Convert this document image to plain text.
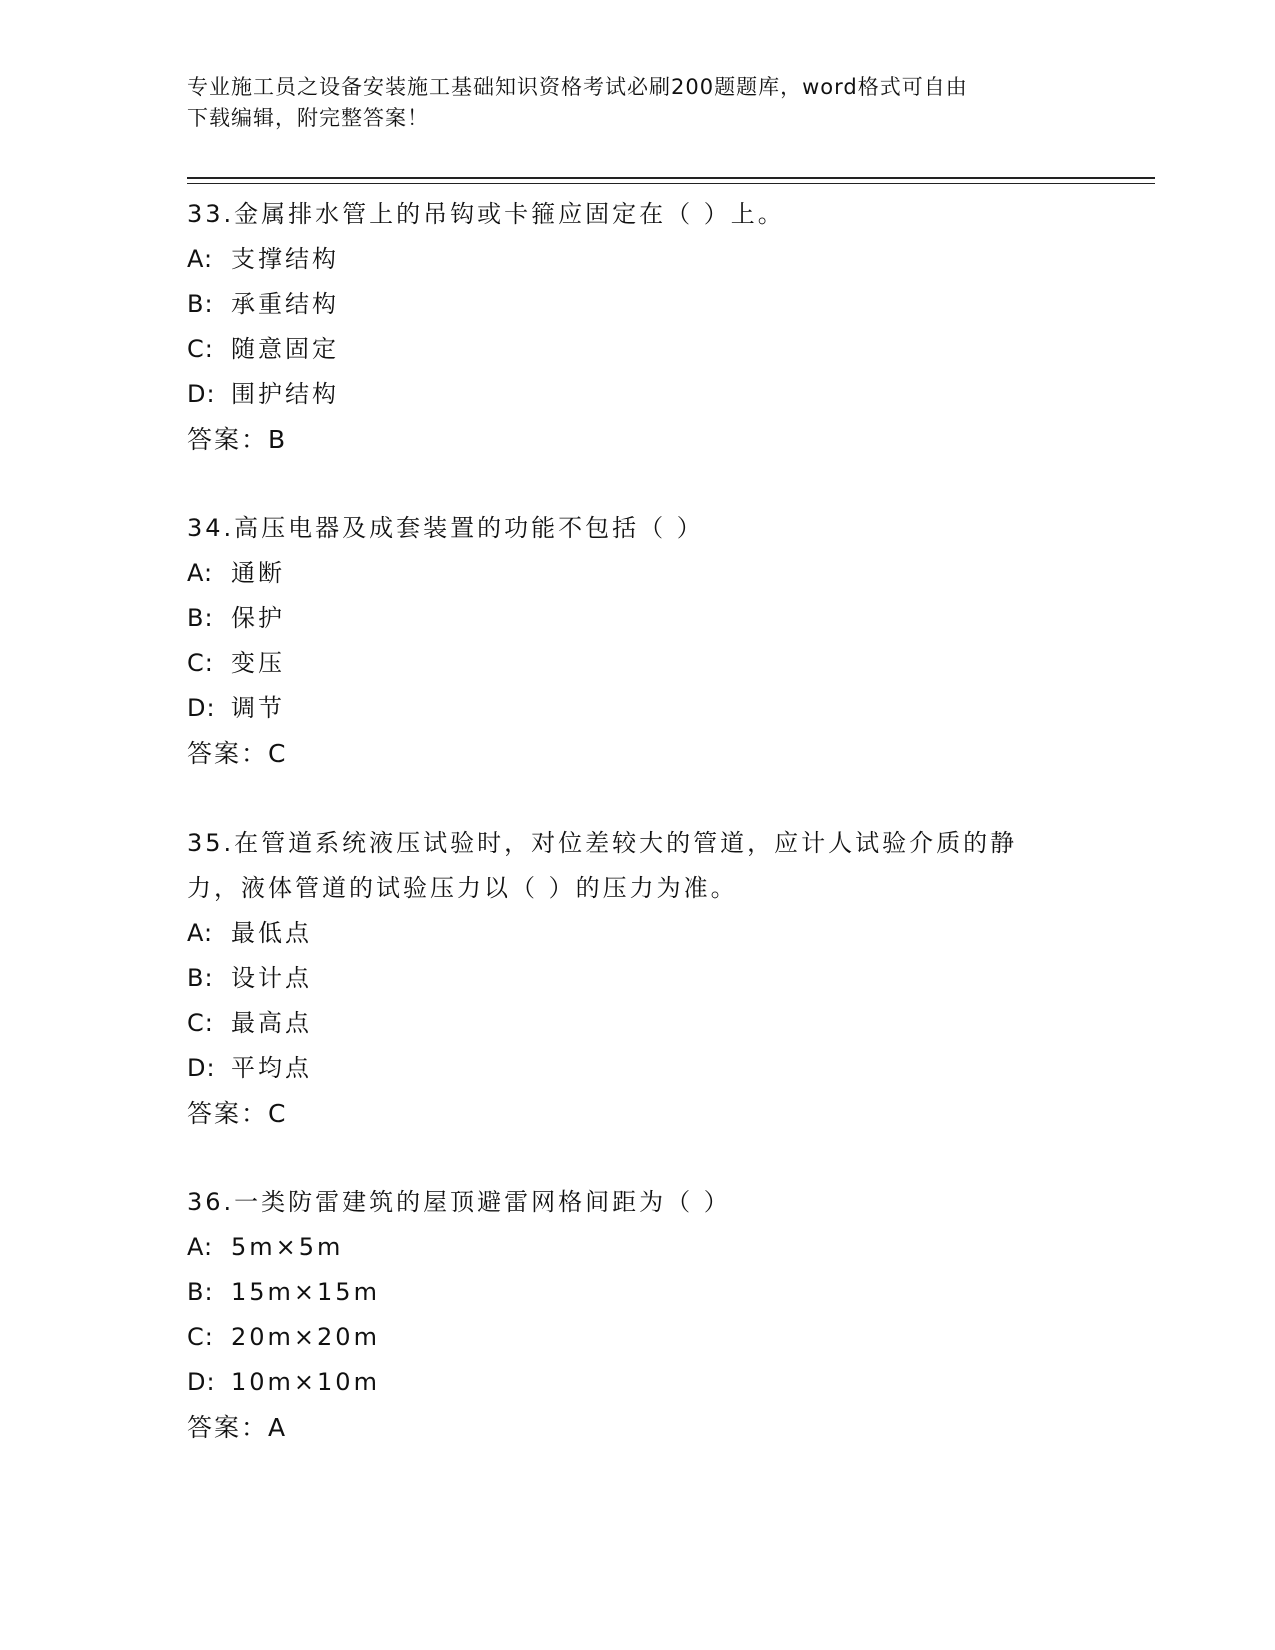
专业施工员之设备安装施工基础知识资格考试必刷200题题库，word格式可自由
下载编辑，附完整答案！
33.金属排水管上的吊钩或卡箍应固定在（ ）上。
A: 支撑结构
B: 承重结构
C: 随意固定
D: 围护结构
答案：B
34.高压电器及成套装置的功能不包括（ ）
A: 通断
B: 保护
C: 变压
D: 调节
答案：C
35.在管道系统液压试验时，对位差较大的管道，应计人试验介质的静
力，液体管道的试验压力以（ ）的压力为准。
A: 最低点
B: 设计点
C: 最高点
D: 平均点
答案：C
36.一类防雷建筑的屋顶避雷网格间距为（ ）
A: 5m×5m
B: 15m×15m
C: 20m×20m
D: 10m×10m
答案：A
